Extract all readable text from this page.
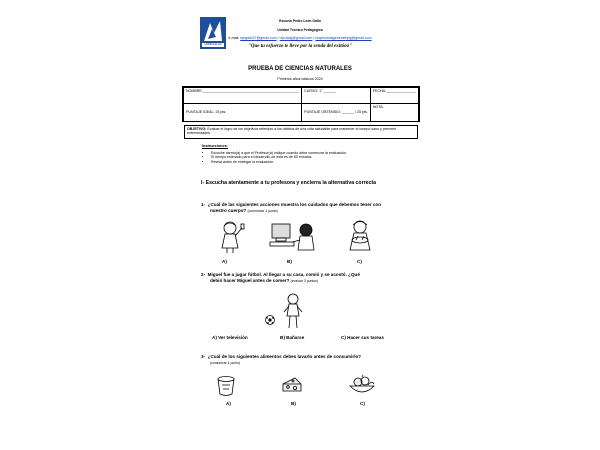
LEON GALLO
Escuela Pedro Leon Gallo
Unidad Técnico Pedagógica
e-mail: eplgallo27@gmail.com / utp.eplg@gmail.com / inspectoriageneraleplg@gmail.com
"Que tu esfuerzo te lleve por la senda del exitóóó"
PRUEBA DE CIENCIAS NATURALES
Primeros años básicos 2024
NOMBRE:________________________________________________	CURSO: 1° ______	FECHA:_______________

PUNTAJE IDEAL: 25 pts.	PUNTAJE OBTENIDO: ______ / 25 pts.	NOTA:
OBJETIVO: Evaluar el logro de los objetivos referidos a los hábitos de una vida saludable para mantener el cuerpo sano y prevenir enfermedades.
Instrucciones:
• Escuche atento(a) a que el Profesor(a) indique cuando debe comenzar la evaluación.
• El tiempo estimado para el desarrollo de ésta es de 60 minutos.
• Revisa antes de entregar la evaluación.
I- Escucha atentamente a tu profesora y encierra la alternativa correcta
1- ¿Cuál de las siguientes acciones muestra los cuidados que debemos tener con
nuestro cuerpo? (comunicar 1 punto)
A)	B)	C)
2- Miguel fue a jugar fútbol. Al llegar a su casa, comió y se acostó. ¿Qué
debió hacer Miguel antes de comer? (evaluar 3 puntos)
A) Ver televisión	B) Bañarse	C) Hacer sus tareas
3- ¿Cuál de los siguientes alimentos debes lavarlo antes de consumirlo?
(comunicar 1 punto)
A)	B)	C)
